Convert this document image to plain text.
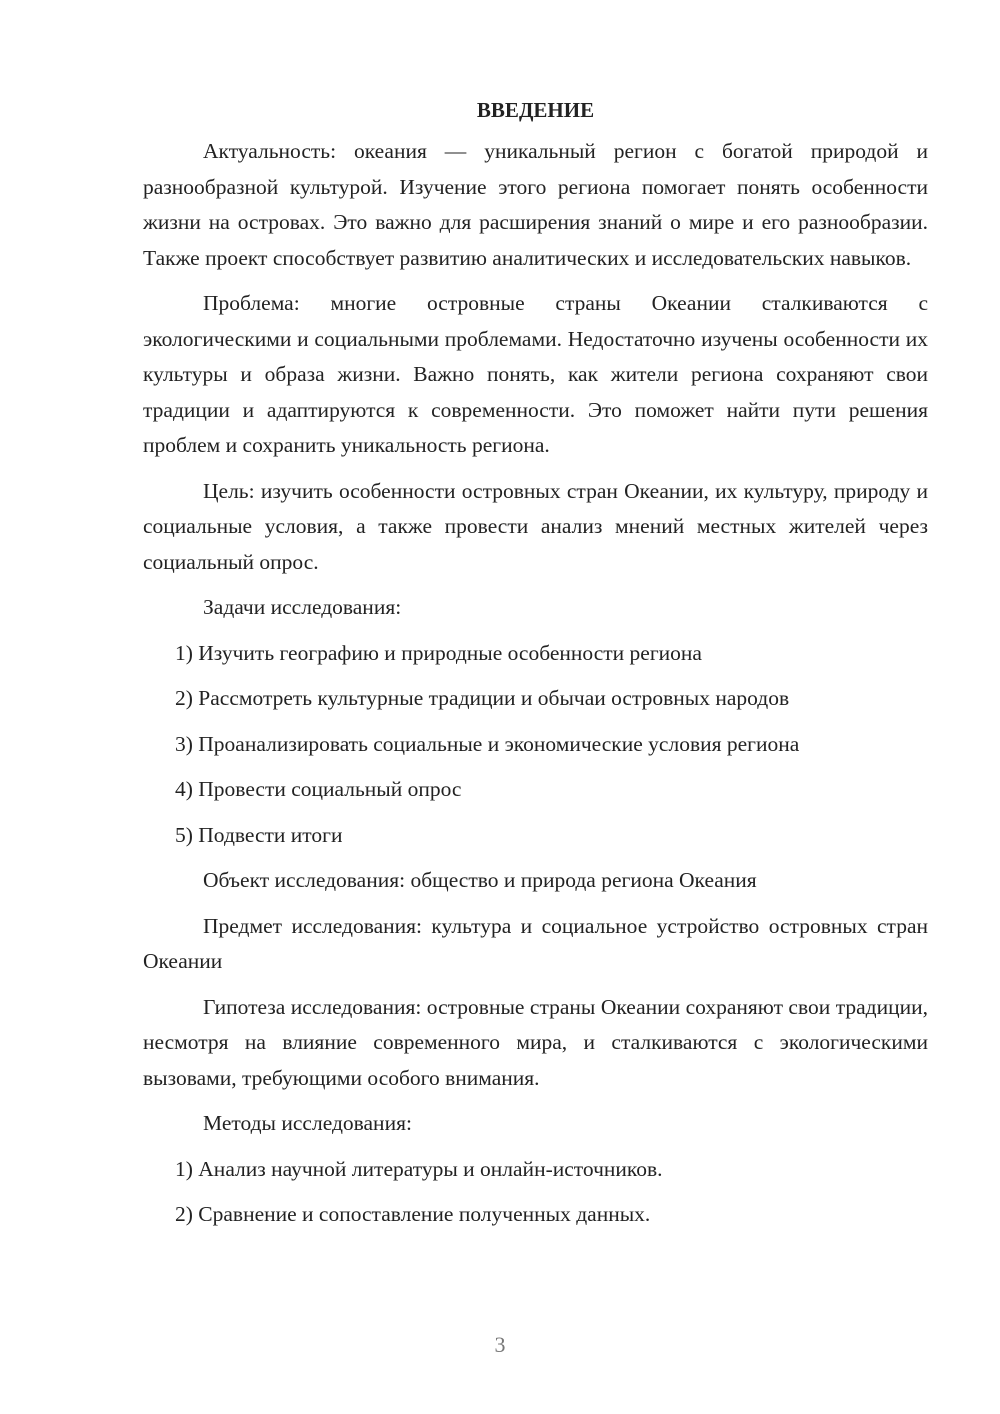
ВВЕДЕНИЕ
Актуальность: океания — уникальный регион с богатой природой и разнообразной культурой. Изучение этого региона помогает понять особенности жизни на островах. Это важно для расширения знаний о мире и его разнообразии. Также проект способствует развитию аналитических и исследовательских навыков.
Проблема: многие островные страны Океании сталкиваются с экологическими и социальными проблемами. Недостаточно изучены особенности их культуры и образа жизни. Важно понять, как жители региона сохраняют свои традиции и адаптируются к современности. Это поможет найти пути решения проблем и сохранить уникальность региона.
Цель: изучить особенности островных стран Океании, их культуру, природу и социальные условия, а также провести анализ мнений местных жителей через социальный опрос.
Задачи исследования:
1) Изучить географию и природные особенности региона
2) Рассмотреть культурные традиции и обычаи островных народов
3) Проанализировать социальные и экономические условия региона
4) Провести социальный опрос
5) Подвести итоги
Объект исследования: общество и природа региона Океания
Предмет исследования: культура и социальное устройство островных стран Океании
Гипотеза исследования: островные страны Океании сохраняют свои традиции, несмотря на влияние современного мира, и сталкиваются с экологическими вызовами, требующими особого внимания.
Методы исследования:
1) Анализ научной литературы и онлайн-источников.
2) Сравнение и сопоставление полученных данных.
3
